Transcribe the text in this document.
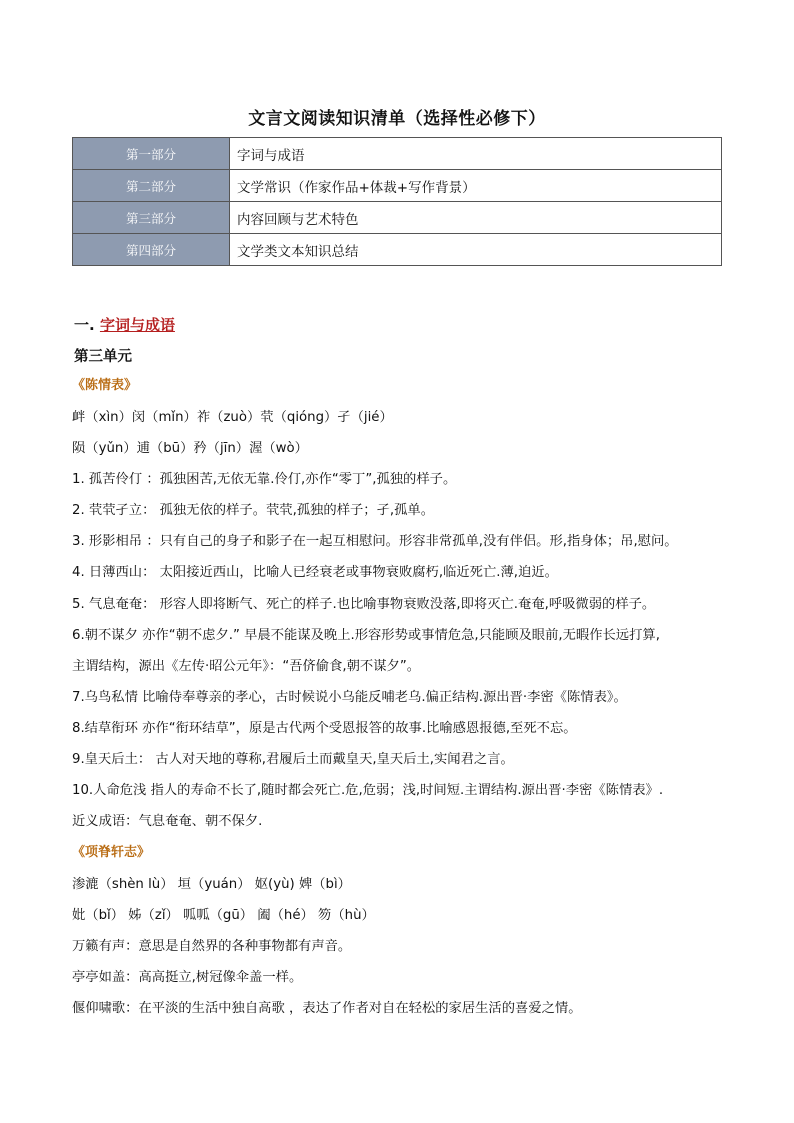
文言文阅读知识清单（选择性必修下）
第一部分	字词与成语
第二部分	文学常识（作家作品+体裁+写作背景）
第三部分	内容回顾与艺术特色
第四部分	文学类文本知识总结
一. 字词与成语
第三单元
《陈情表》
衅（xìn）闵（mǐn）祚（zuò）茕（qióng）孑（jié）
陨（yǔn）逋（bū）矜（jīn）渥（wò）
1. 孤苦伶仃 ：孤独困苦,无依无靠.伶仃,亦作“零丁”,孤独的样子。
2. 茕茕孑立： 孤独无依的样子。茕茕,孤独的样子；孑,孤单。
3. 形影相吊 ：只有自己的身子和影子在一起互相慰问。形容非常孤单,没有伴侣。形,指身体；吊,慰问。
4. 日薄西山： 太阳接近西山，比喻人已经衰老或事物衰败腐朽,临近死亡.薄,迫近。
5. 气息奄奄： 形容人即将断气、死亡的样子.也比喻事物衰败没落,即将灭亡.奄奄,呼吸微弱的样子。
6.朝不谋夕 亦作“朝不虑夕.” 早晨不能谋及晚上.形容形势或事情危急,只能顾及眼前,无暇作长远打算,
主谓结构，源出《左传·昭公元年》：“吾侪偷食,朝不谋夕”。
7.乌鸟私情 比喻侍奉尊亲的孝心，古时候说小乌能反哺老乌.偏正结构.源出晋·李密《陈情表》。
8.结草衔环 亦作“衔环结草”，原是古代两个受恩报答的故事.比喻感恩报德,至死不忘。
9.皇天后土： 古人对天地的尊称,君履后土而戴皇天,皇天后土,实闻君之言。
10.人命危浅 指人的寿命不长了,随时都会死亡.危,危弱；浅,时间短.主谓结构.源出晋·李密《陈情表》.
近义成语：气息奄奄、朝不保夕.
《项脊轩志》
渗漉（shèn lù） 垣（yuán） 妪(yù) 婢（bì）
妣（bǐ） 姊（zǐ） 呱呱（gū） 阖（hé） 笏（hù）
万籁有声：意思是自然界的各种事物都有声音。
亭亭如盖：高高挺立,树冠像伞盖一样。
偃仰啸歌：在平淡的生活中独自高歌 ，表达了作者对自在轻松的家居生活的喜爱之情。
